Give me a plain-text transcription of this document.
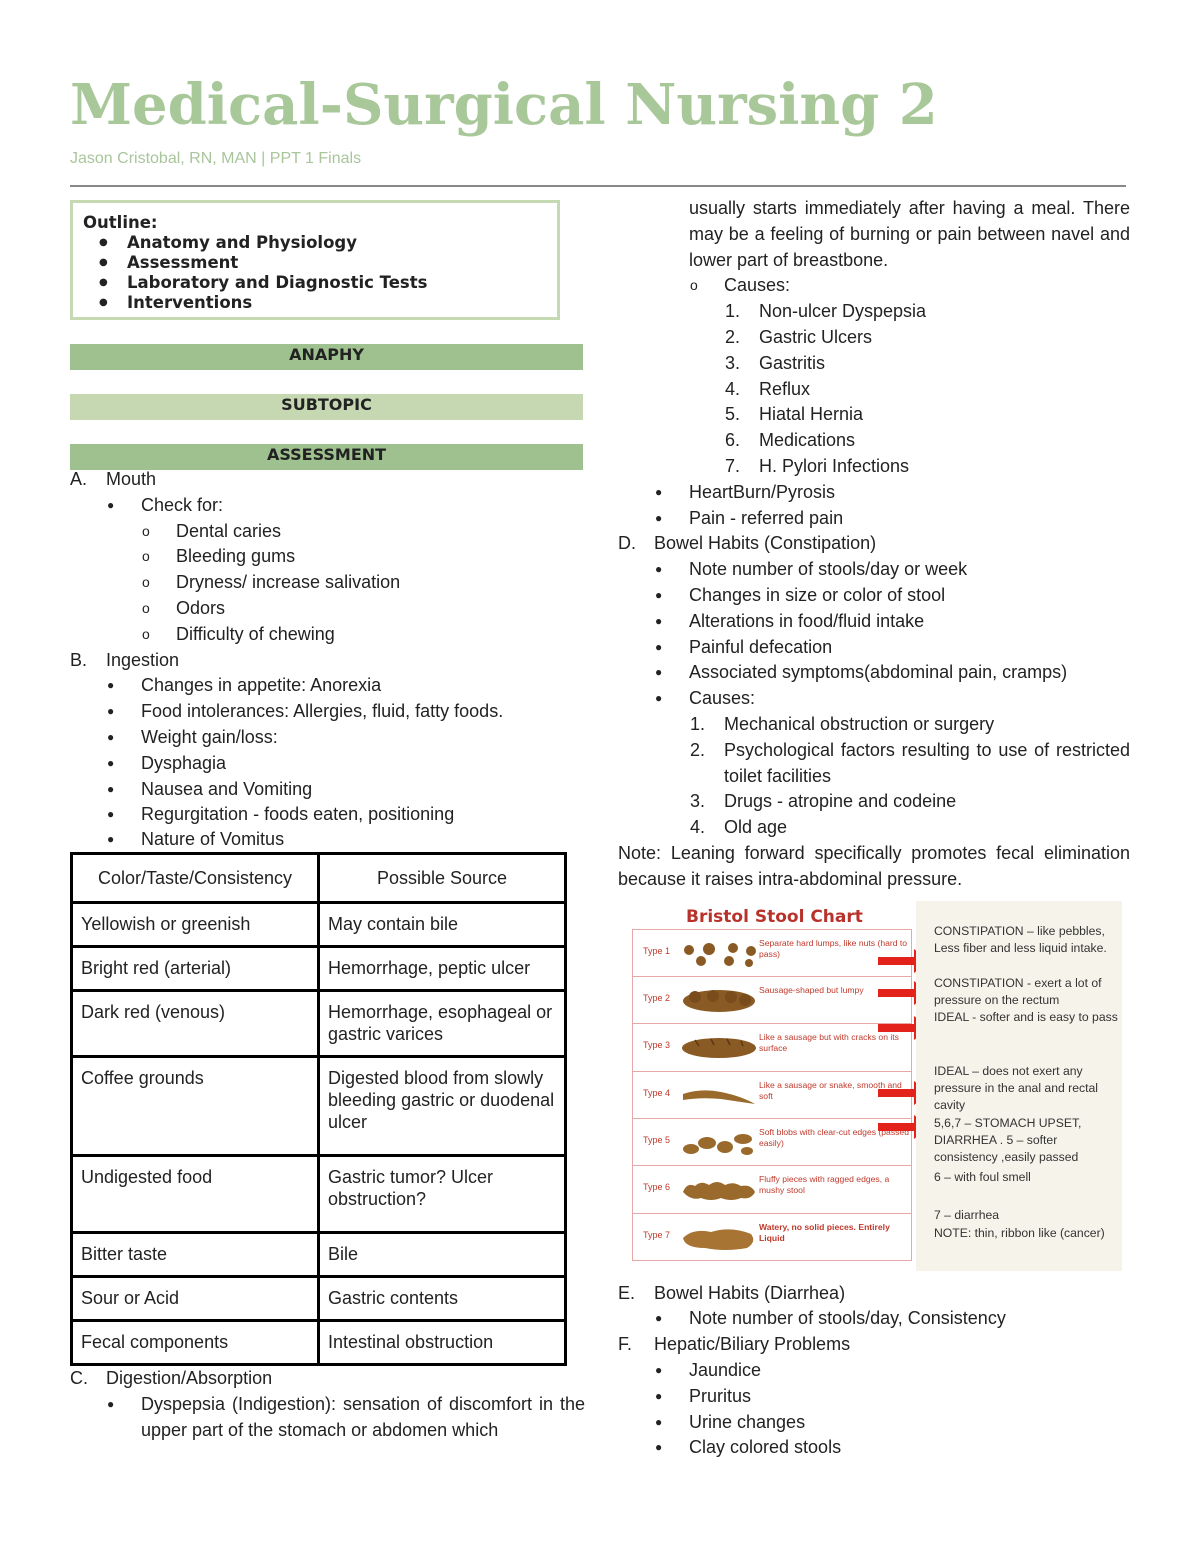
Medical-Surgical Nursing 2
Jason Cristobal, RN, MAN | PPT 1 Finals
Outline:
● Anatomy and Physiology
● Assessment
● Laboratory and Diagnostic Tests
● Interventions
ANAPHY
SUBTOPIC
ASSESSMENT
A. Mouth
● Check for:
o Dental caries
o Bleeding gums
o Dryness/ increase salivation
o Odors
o Difficulty of chewing
B. Ingestion
● Changes in appetite: Anorexia
● Food intolerances: Allergies, fluid, fatty foods.
● Weight gain/loss:
● Dysphagia
● Nausea and Vomiting
● Regurgitation - foods eaten, positioning
● Nature of Vomitus
Color/Taste/Consistency	Possible Source
Yellowish or greenish	May contain bile
Bright red (arterial)	Hemorrhage, peptic ulcer
Dark red (venous)	Hemorrhage, esophageal or gastric varices
Coffee grounds	Digested blood from slowly bleeding gastric or duodenal ulcer
Undigested food	Gastric tumor? Ulcer obstruction?
Bitter taste	Bile
Sour or Acid	Gastric contents
Fecal components	Intestinal obstruction
C. Digestion/Absorption
● Dyspepsia (Indigestion): sensation of discomfort in the upper part of the stomach or abdomen which
usually starts immediately after having a meal. There may be a feeling of burning or pain between navel and lower part of breastbone.
o Causes:
1. Non-ulcer Dyspepsia
2. Gastric Ulcers
3. Gastritis
4. Reflux
5. Hiatal Hernia
6. Medications
7. H. Pylori Infections
● HeartBurn/Pyrosis
● Pain - referred pain
D. Bowel Habits (Constipation)
● Note number of stools/day or week
● Changes in size or color of stool
● Alterations in food/fluid intake
● Painful defecation
● Associated symptoms(abdominal pain, cramps)
● Causes:
1. Mechanical obstruction or surgery
2. Psychological factors resulting to use of restricted toilet facilities
3. Drugs - atropine and codeine
4. Old age
Note: Leaning forward specifically promotes fecal elimination because it raises intra-abdominal pressure.
Bristol Stool Chart
Type 1
Separate hard lumps, like nuts (hard to pass)
Type 2
Sausage-shaped but lumpy
Type 3
Like a sausage but with cracks on its surface
Type 4
Like a sausage or snake, smooth and soft
Type 5
Soft blobs with clear-cut edges (passed easily)
Type 6
Fluffy pieces with ragged edges, a mushy stool
Type 7
Watery, no solid pieces. Entirely Liquid
CONSTIPATION – like pebbles, Less fiber and less liquid intake.
CONSTIPATION - exert a lot of pressure on the rectum
IDEAL - softer and is easy to pass
IDEAL – does not exert any pressure in the anal and rectal cavity
5,6,7 – STOMACH UPSET, DIARRHEA . 5 – softer consistency ,easily passed
6 – with foul smell
7 – diarrhea
NOTE: thin, ribbon like (cancer)
E. Bowel Habits (Diarrhea)
● Note number of stools/day, Consistency
F. Hepatic/Biliary Problems
● Jaundice
● Pruritus
● Urine changes
● Clay colored stools
